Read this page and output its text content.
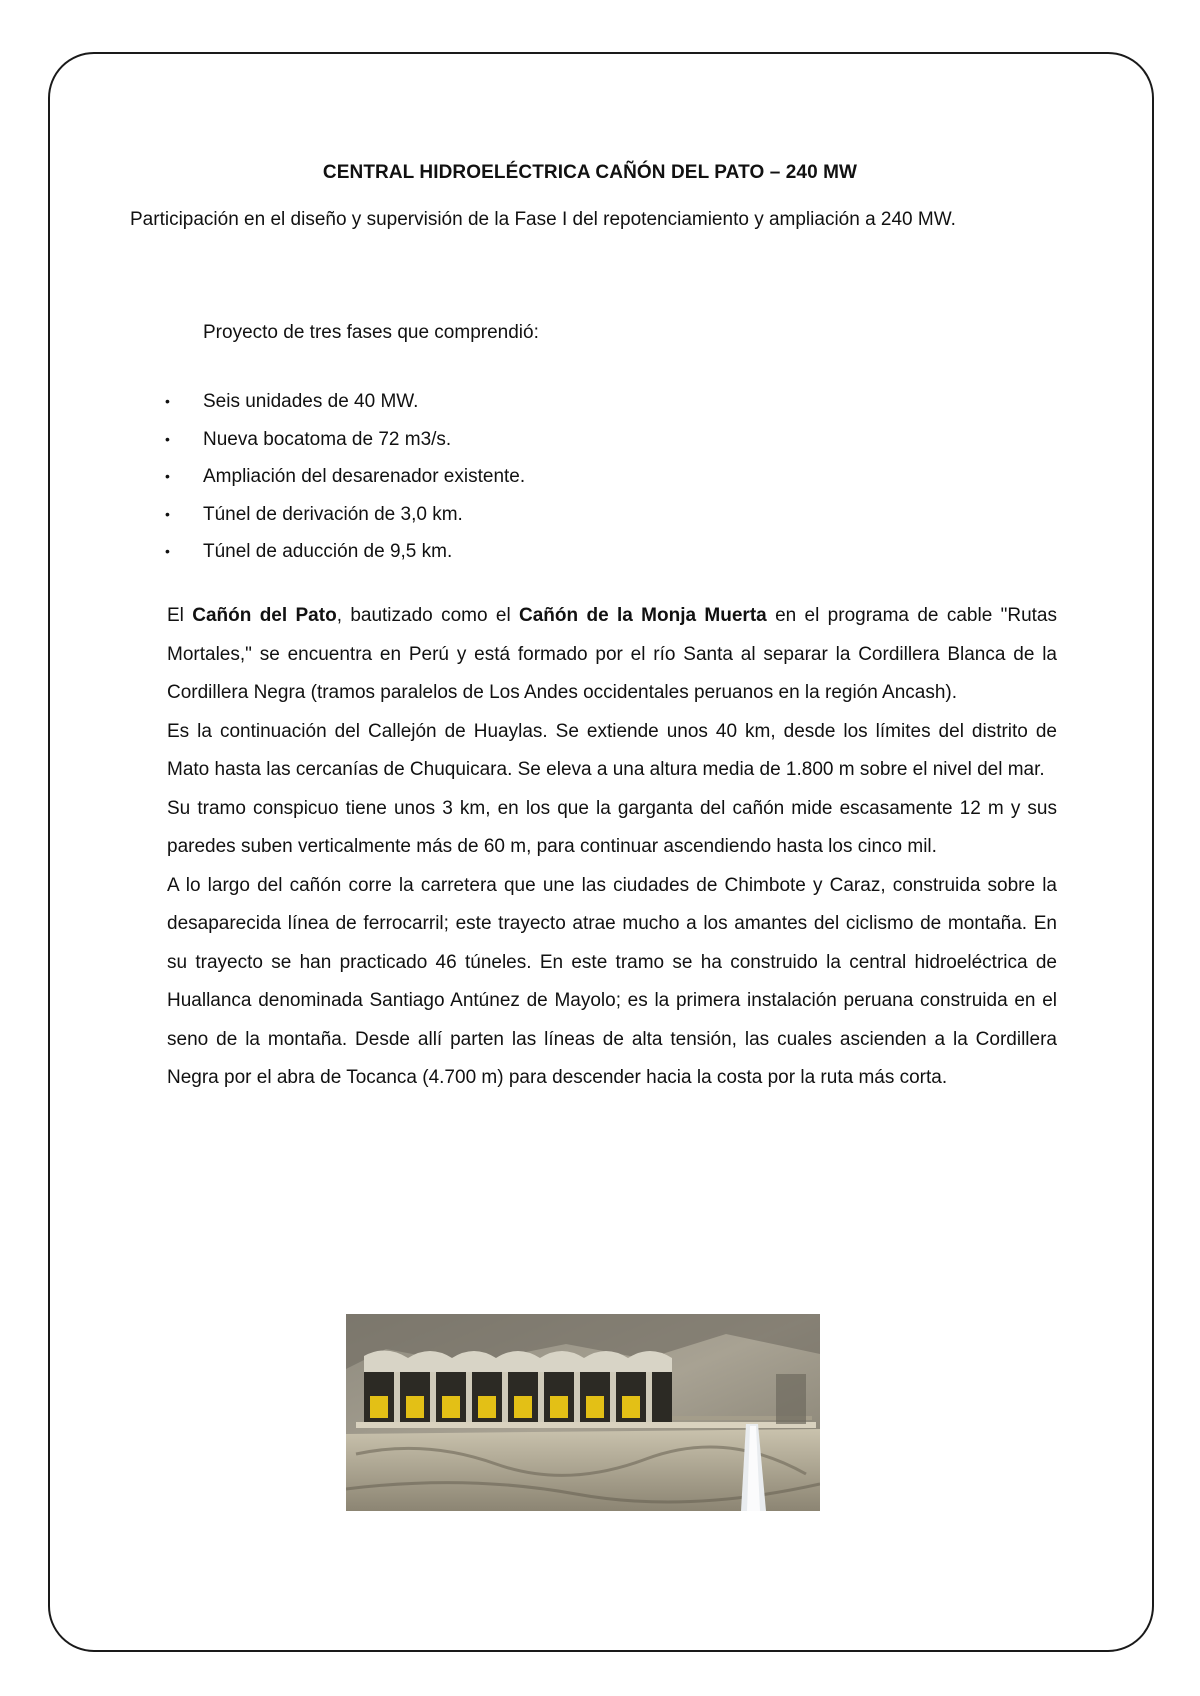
CENTRAL HIDROELÉCTRICA CAÑÓN DEL PATO – 240 MW

Participación en el diseño y supervisión de la Fase I del repotenciamiento y ampliación a 240 MW.

Proyecto de tres fases que comprendió:

•	Seis unidades de 40 MW.
•	Nueva bocatoma de 72 m3/s.
•	Ampliación del desarenador existente.
•	Túnel de derivación de 3,0 km.
•	Túnel de aducción de 9,5 km.

El Cañón del Pato, bautizado como el Cañón de la Monja Muerta en el programa de cable "Rutas Mortales," se encuentra en Perú y está formado por el río Santa al separar la Cordillera Blanca de la Cordillera Negra (tramos paralelos de Los Andes occidentales peruanos en la región Ancash).

Es la continuación del Callejón de Huaylas. Se extiende unos 40 km, desde los límites del distrito de Mato hasta las cercanías de Chuquicara. Se eleva a una altura media de 1.800 m sobre el nivel del mar.

Su tramo conspicuo tiene unos 3 km, en los que la garganta del cañón mide escasamente 12 m y sus paredes suben verticalmente más de 60 m, para continuar ascendiendo hasta los cinco mil.

A lo largo del cañón corre la carretera que une las ciudades de Chimbote y Caraz, construida sobre la desaparecida línea de ferrocarril; este trayecto atrae mucho a los amantes del ciclismo de montaña. En su trayecto se han practicado 46 túneles. En este tramo se ha construido la central hidroeléctrica de Huallanca denominada Santiago Antúnez de Mayolo; es la primera instalación peruana construida en el seno de la montaña. Desde allí parten las líneas de alta tensión, las cuales ascienden a la Cordillera Negra por el abra de Tocanca (4.700 m) para descender hacia la costa por la ruta más corta.
